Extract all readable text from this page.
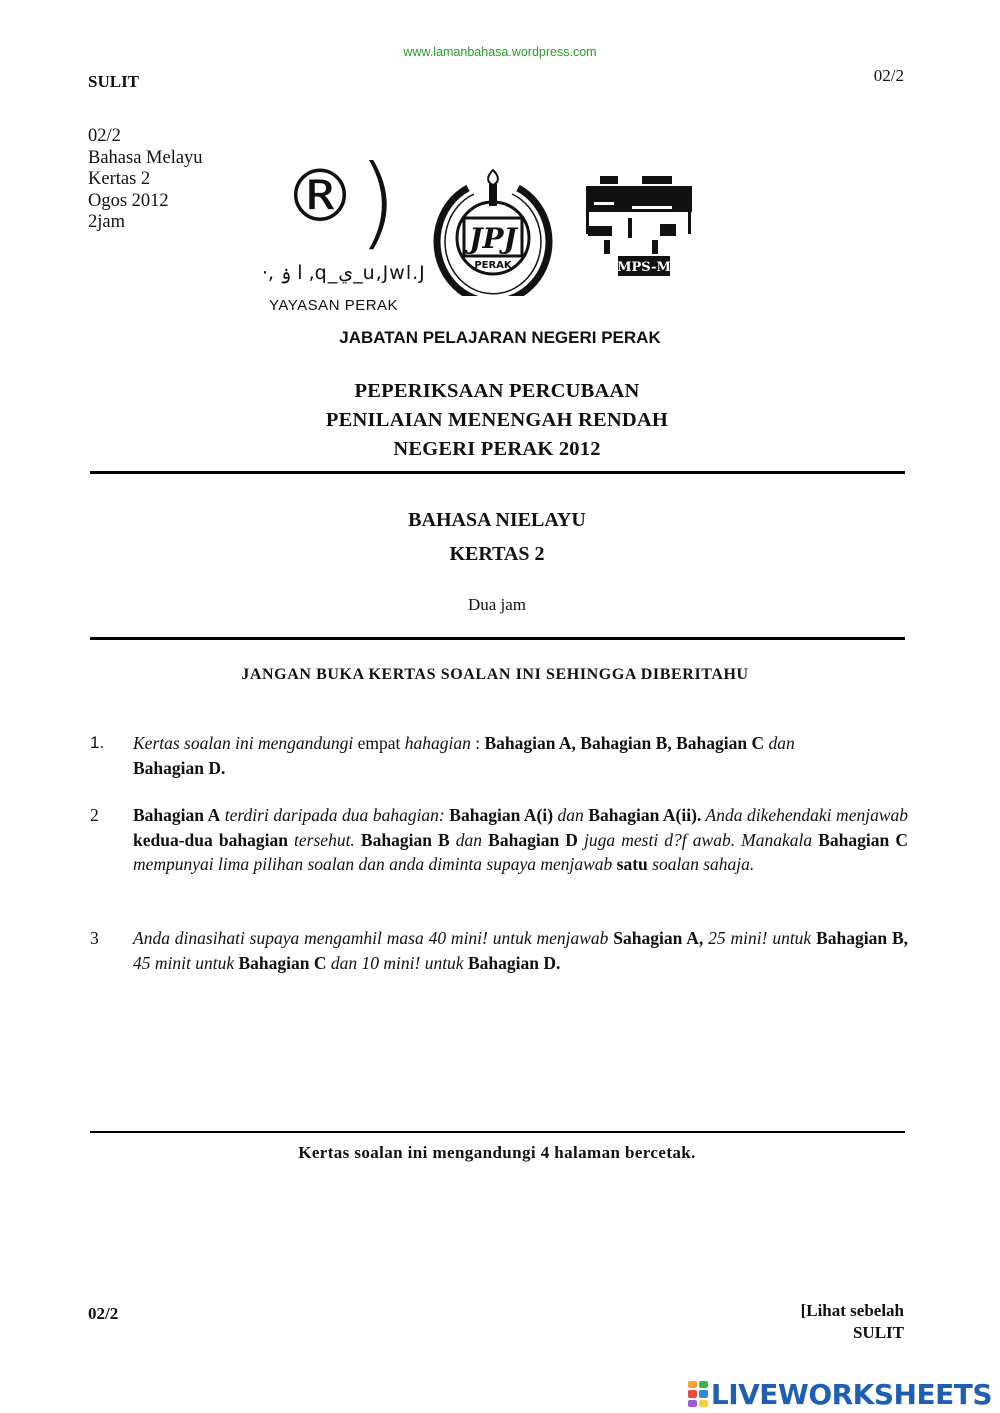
www.lamanbahasa.wordpress.com
SULIT	02/2
02/2
Bahasa Melayu
Kertas 2
Ogos 2012
2jam	® )
·, ا ۏ ,q_ي_u,Jwl.J
YAYASAN PERAK
JPJ
PERAK	MPS-M
JABATAN PELAJARAN NEGERI PERAK
PEPERIKSAAN PERCUBAAN
PENILAIAN MENENGAH RENDAH
NEGERI PERAK 2012
BAHASA NIELAYU
KERTAS 2
Dua jam
JANGAN BUKA KERTAS SOALAN INI SEHINGGA DIBERITAHU
1. Kertas soalan ini mengandungi empat hahagian : Bahagian A, Bahagian B, Bahagian C dan
Bahagian D.
2 Bahagian A terdiri daripada dua bahagian: Bahagian A(i) dan Bahagian A(ii). Anda dikehendaki menjawab kedua-dua bahagian tersehut. Bahagian B dan Bahagian D juga mesti d?f awab. Manakala Bahagian C mempunyai lima pilihan soalan dan anda diminta supaya menjawab satu soalan sahaja.
3 Anda dinasihati supaya mengamhil masa 40 mini! untuk menjawab Sahagian A, 25 mini! untuk Bahagian B, 45 minit untuk Bahagian C dan 10 mini! untuk Bahagian D.
Kertas soalan ini mengandungi 4 halaman bercetak.
02/2	[Lihat sebelah
SULIT
LIVEWORKSHEETS
